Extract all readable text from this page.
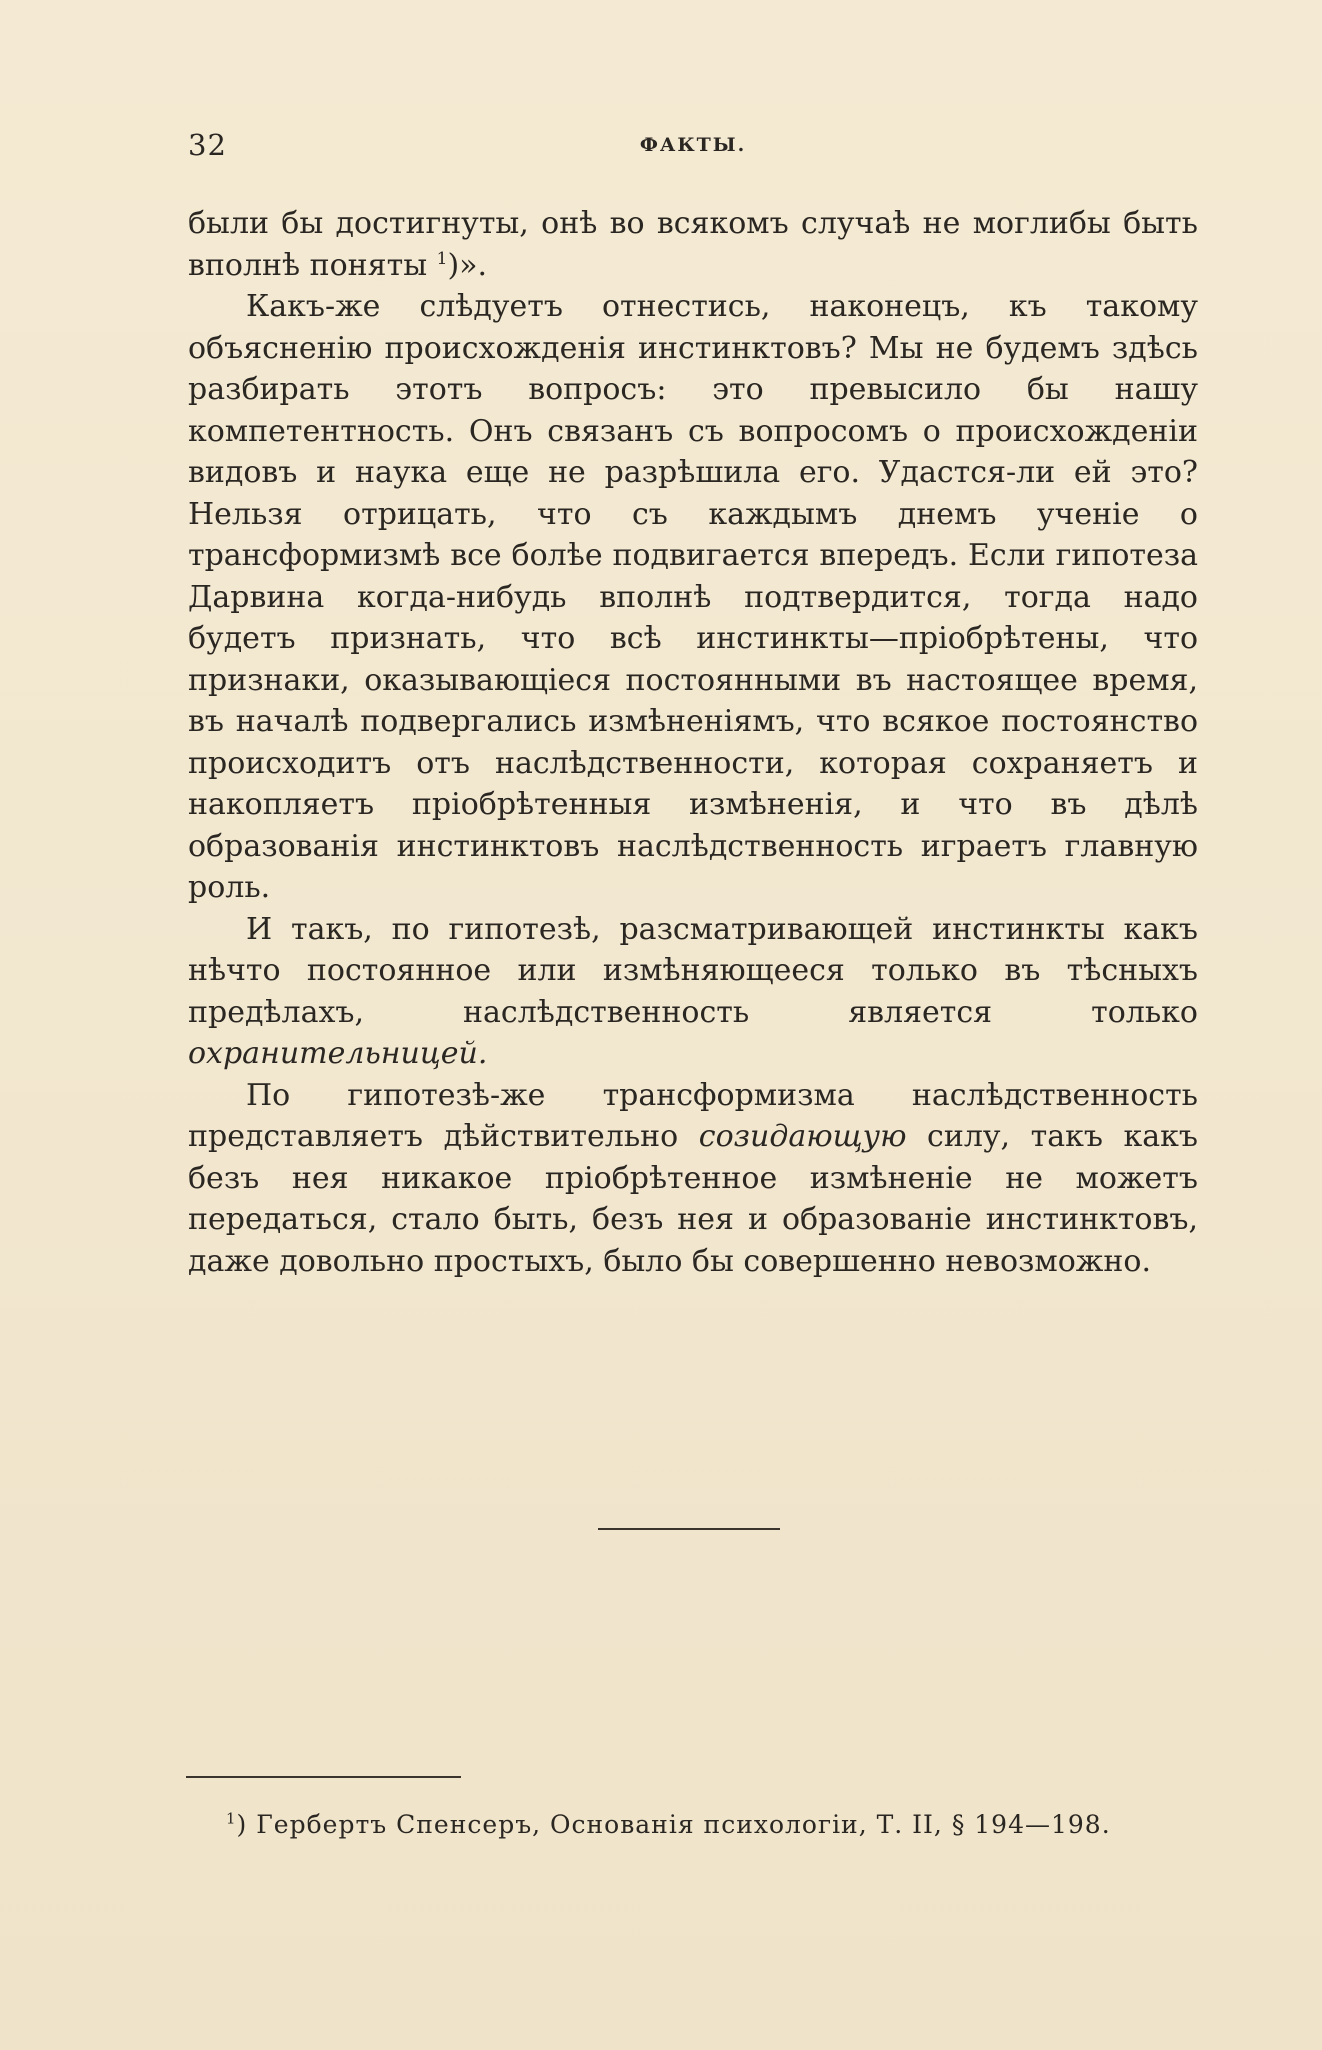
32	ФАКТЫ.

были бы достигнуты, онѣ во всякомъ случаѣ не моглибы быть вполнѣ поняты $^1$)».

Какъ-же слѣдуетъ отнестись, наконецъ, къ такому объясненію происхожденія инстинктовъ? Мы не будемъ здѣсь разбирать этотъ вопросъ: это превысило бы нашу компетентность. Онъ связанъ съ вопросомъ о происхожденіи видовъ и наука еще не разрѣшила его. Удастся-ли ей это? Нельзя отрицать, что съ каждымъ днемъ ученіе о трансформизмѣ все болѣе подвигается впередъ. Если гипотеза Дарвина когда-нибудь вполнѣ подтвердится, тогда надо будетъ признать, что всѣ инстинкты—пріобрѣтены, что признаки, оказывающіеся постоянными въ настоящее время, въ началѣ подвергались измѣненіямъ, что всякое постоянство происходитъ отъ наслѣдственности, которая сохраняетъ и накопляетъ пріобрѣтенныя измѣненія, и что въ дѣлѣ образованія инстинктовъ наслѣдственность играетъ главную роль.

И такъ, по гипотезѣ, разсматривающей инстинкты какъ нѣчто постоянное или измѣняющееся только въ тѣсныхъ предѣлахъ, наслѣдственность является только охранительницей.

По гипотезѣ-же трансформизма наслѣдственность представляетъ дѣйствительно созидающую силу, такъ какъ безъ нея никакое пріобрѣтенное измѣненіе не можетъ передаться, стало быть, безъ нея и образованіе инстинктовъ, даже довольно простыхъ, было бы совершенно невозможно.

$^1$) Гербертъ Спенсеръ, Основанія психологіи, Т. II, § 194—198.
